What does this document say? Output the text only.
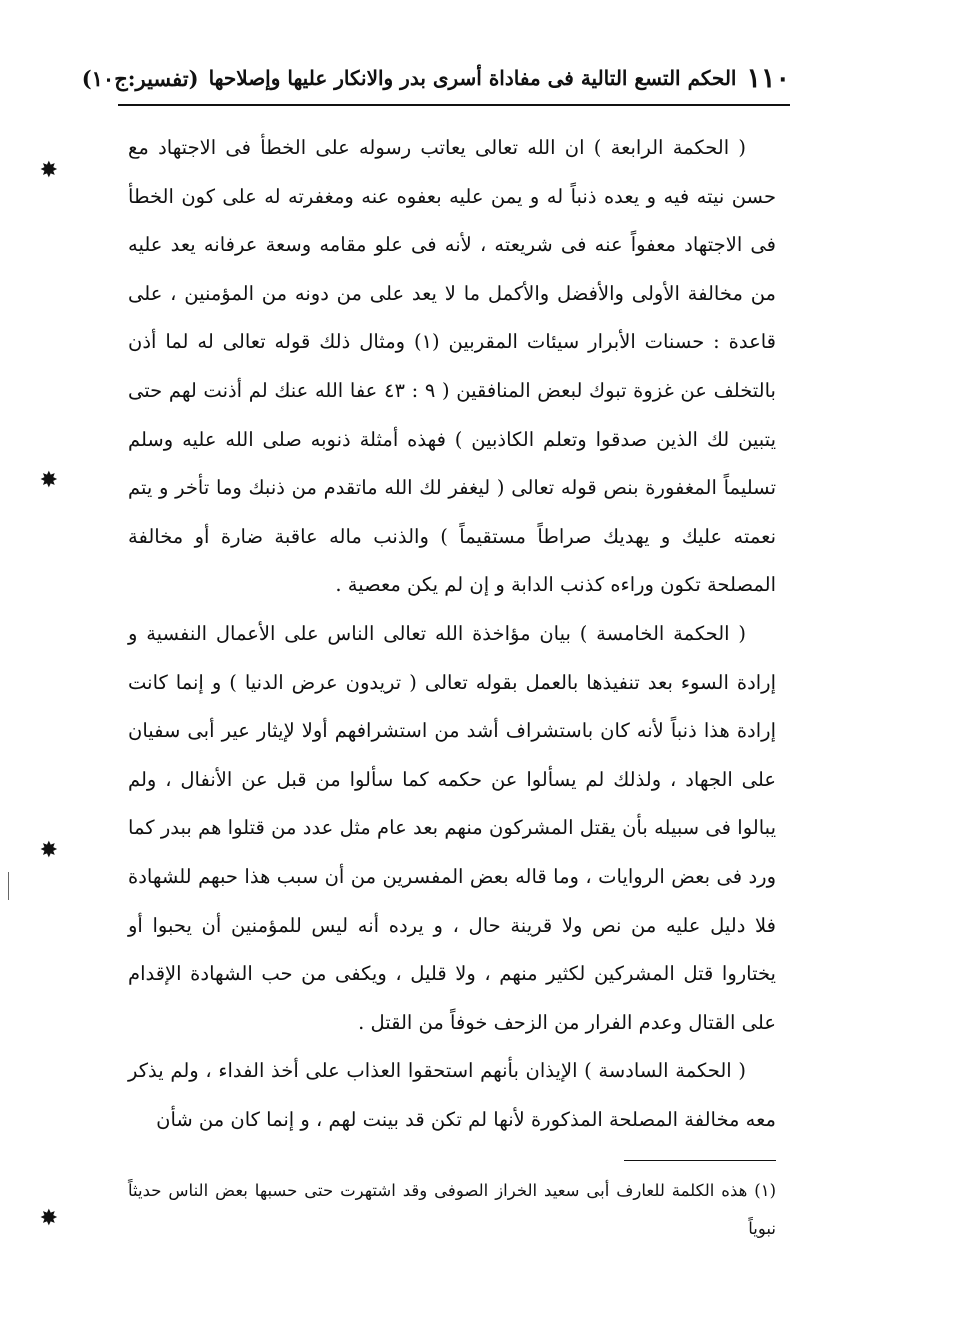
١١٠
الحكم التسع التالية فى مفاداة أسرى بدر والانكار عليها وإصلاحها
(تفسير:ج١٠)

( الحكمة الرابعة ) ان الله تعالى يعاتب رسوله على الخطأ فى الاجتهاد مع حسن نيته فيه و يعده ذنباً له و يمن عليه بعفوه عنه ومغفرته له على كون الخطأ فى الاجتهاد معفواً عنه فى شريعته ، لأنه فى علو مقامه وسعة عرفانه يعد عليه من مخالفة الأولى والأفضل والأكمل ما لا يعد على من دونه من المؤمنين ، على قاعدة : حسنات الأبرار سيئات المقربين (١) ومثال ذلك قوله تعالى له لما أذن بالتخلف عن غزوة تبوك لبعض المنافقين ( ٩ : ٤٣ عفا الله عنك لم أذنت لهم حتى يتبين لك الذين صدقوا وتعلم الكاذبين ) فهذه أمثلة ذنوبه صلى الله عليه وسلم تسليماً المغفورة بنص قوله تعالى ( ليغفر لك الله ماتقدم من ذنبك وما تأخر و يتم نعمته عليك و يهديك صراطاً مستقيماً ) والذنب ماله عاقبة ضارة أو مخالفة المصلحة تكون وراءه كذنب الدابة و إن لم يكن معصية .

( الحكمة الخامسة ) بيان مؤاخذة الله تعالى الناس على الأعمال النفسية و إرادة السوء بعد تنفيذها بالعمل بقوله تعالى ( تريدون عرض الدنيا ) و إنما كانت إرادة هذا ذنباً لأنه كان باستشراف أشد من استشرافهم أولا لإيثار عير أبى سفيان على الجهاد ، ولذلك لم يسألوا عن حكمه كما سألوا من قبل عن الأنفال ، ولم يبالوا فى سبيله بأن يقتل المشركون منهم بعد عام مثل عدد من قتلوا هم ببدر كما ورد فى بعض الروايات ، وما قاله بعض المفسرين من أن سبب هذا حبهم للشهادة فلا دليل عليه من نص ولا قرينة حال ، و يرده أنه ليس للمؤمنين أن يحبوا أو يختاروا قتل المشركين لكثير منهم ، ولا قليل ، ويكفى من حب الشهادة الإقدام على القتال وعدم الفرار من الزحف خوفاً من القتل .

( الحكمة السادسة ) الإيذان بأنهم استحقوا العذاب على أخذ الفداء ، ولم يذكر معه مخالفة المصلحة المذكورة لأنها لم تكن قد بينت لهم ، و إنما كان من شأن

(١) هذه الكلمة للعارف أبى سعيد الخراز الصوفى وقد اشتهرت حتى حسبها بعض الناس حديثاً نبوياً
✸
✸
✸
✸
